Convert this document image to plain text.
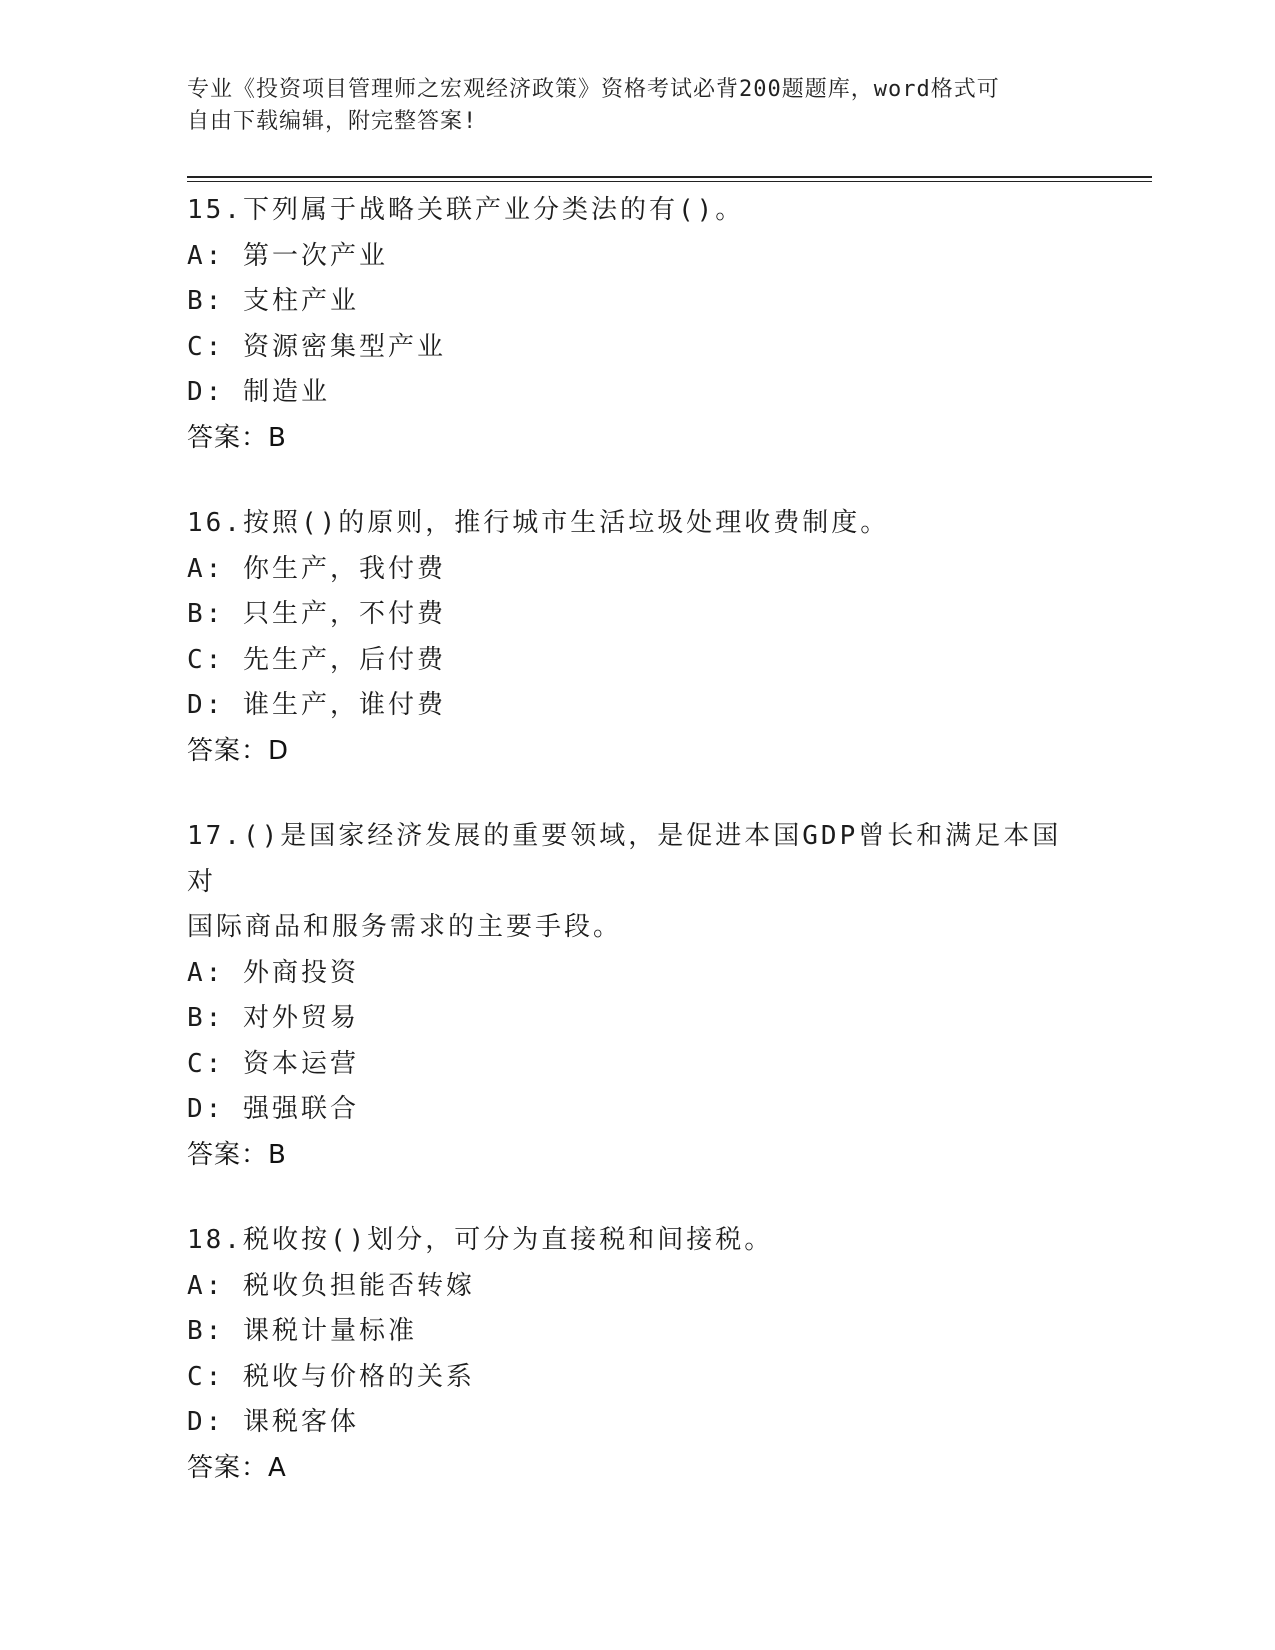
专业《投资项目管理师之宏观经济政策》资格考试必背200题题库，word格式可
自由下载编辑，附完整答案!
15.下列属于战略关联产业分类法的有()。
A: 第一次产业
B: 支柱产业
C: 资源密集型产业
D: 制造业
答案：B
16.按照()的原则，推行城市生活垃圾处理收费制度。
A: 你生产，我付费
B: 只生产，不付费
C: 先生产，后付费
D: 谁生产，谁付费
答案：D
17.()是国家经济发展的重要领域，是促进本国GDP曾长和满足本国对
国际商品和服务需求的主要手段。
A: 外商投资
B: 对外贸易
C: 资本运营
D: 强强联合
答案：B
18.税收按()划分，可分为直接税和间接税。
A: 税收负担能否转嫁
B: 课税计量标准
C: 税收与价格的关系
D: 课税客体
答案：A
